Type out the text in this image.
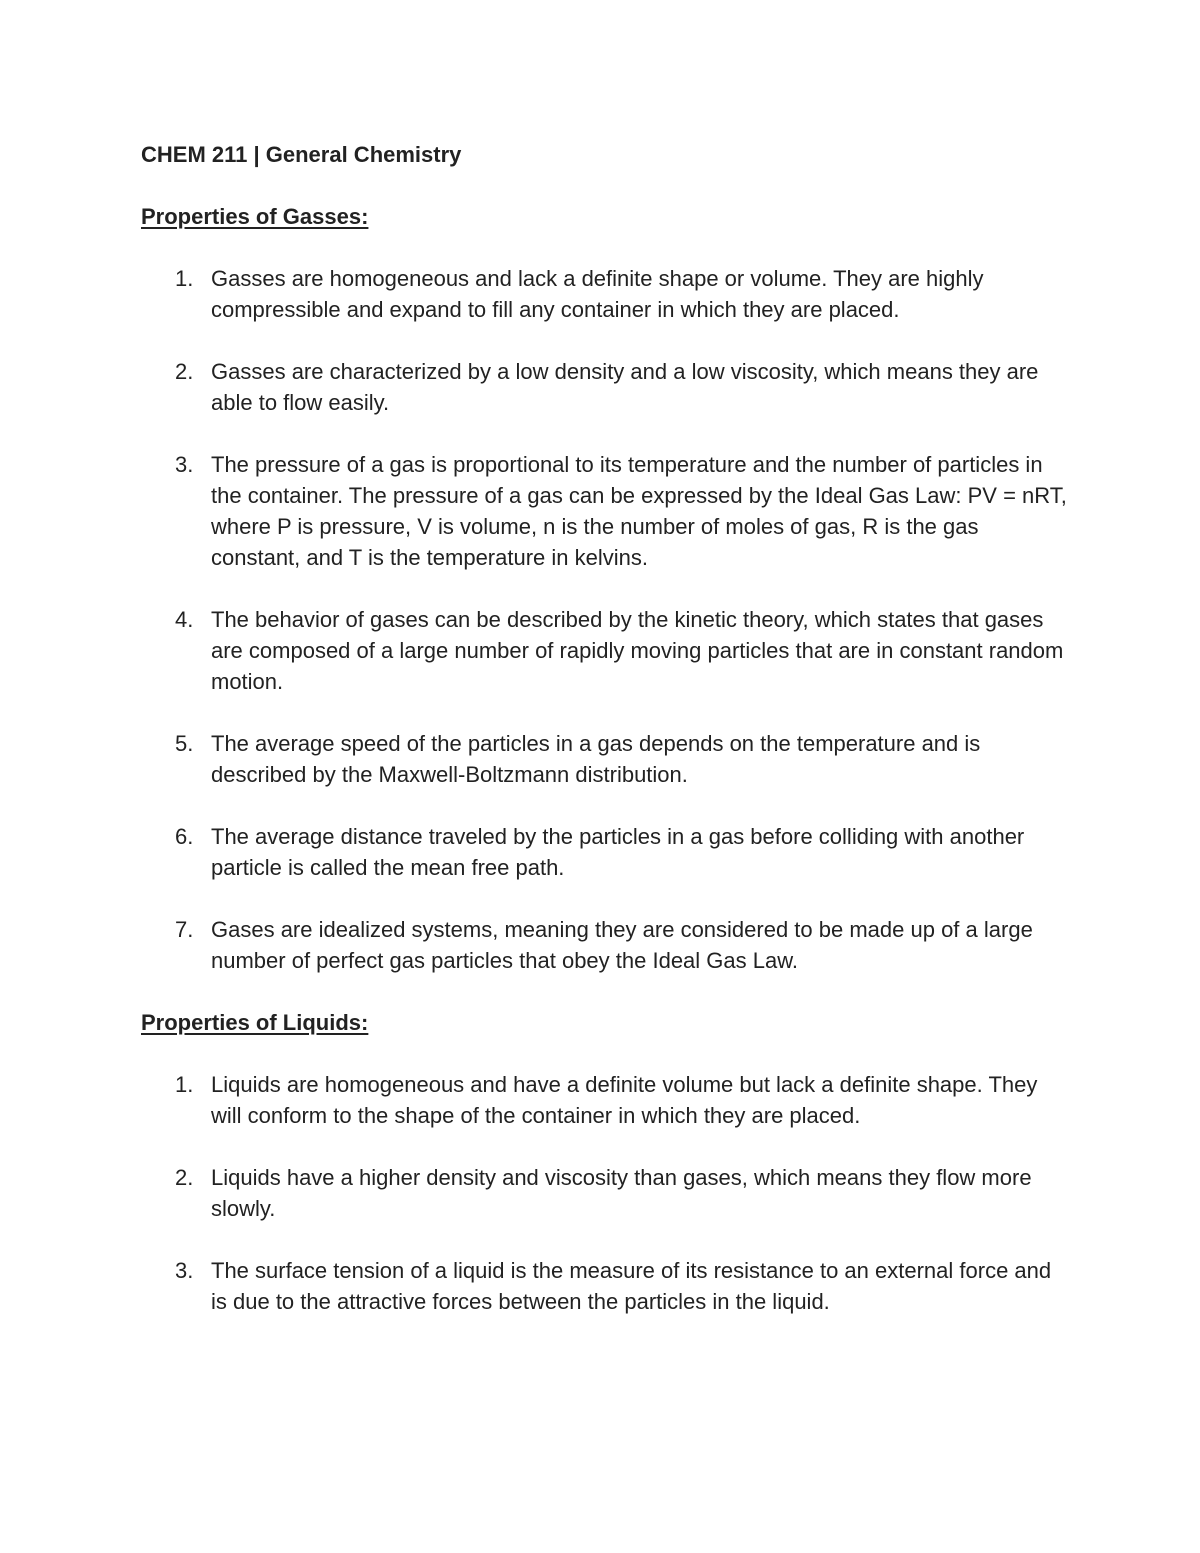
CHEM 211 | General Chemistry
Properties of Gasses:
1. Gasses are homogeneous and lack a definite shape or volume. They are highly compressible and expand to fill any container in which they are placed.
2. Gasses are characterized by a low density and a low viscosity, which means they are able to flow easily.
3. The pressure of a gas is proportional to its temperature and the number of particles in the container. The pressure of a gas can be expressed by the Ideal Gas Law: PV = nRT, where P is pressure, V is volume, n is the number of moles of gas, R is the gas constant, and T is the temperature in kelvins.
4. The behavior of gases can be described by the kinetic theory, which states that gases are composed of a large number of rapidly moving particles that are in constant random motion.
5. The average speed of the particles in a gas depends on the temperature and is described by the Maxwell-Boltzmann distribution.
6. The average distance traveled by the particles in a gas before colliding with another particle is called the mean free path.
7. Gases are idealized systems, meaning they are considered to be made up of a large number of perfect gas particles that obey the Ideal Gas Law.
Properties of Liquids:
1. Liquids are homogeneous and have a definite volume but lack a definite shape. They will conform to the shape of the container in which they are placed.
2. Liquids have a higher density and viscosity than gases, which means they flow more slowly.
3. The surface tension of a liquid is the measure of its resistance to an external force and is due to the attractive forces between the particles in the liquid.
